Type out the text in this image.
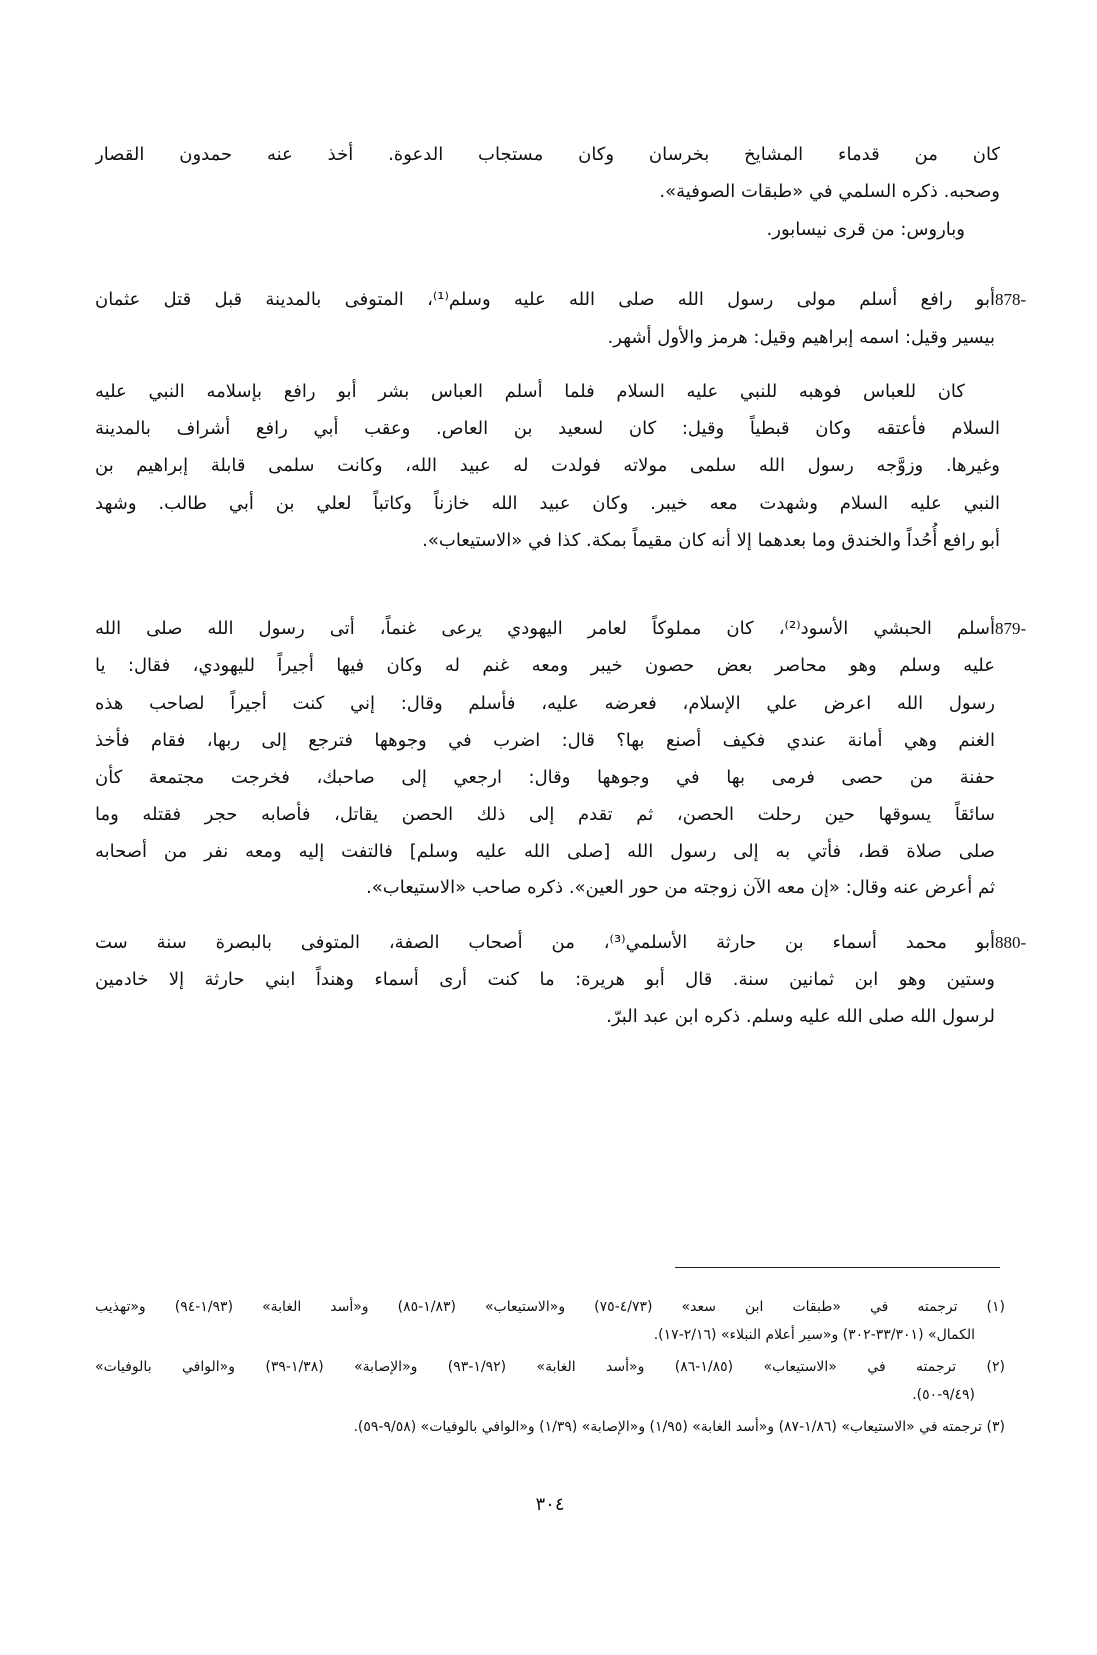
كان من قدماء المشايخ بخرسان وكان مستجاب الدعوة. أخذ عنه حمدون القصار
وصحبه. ذكره السلمي في «طبقات الصوفية».
وباروس: من قرى نيسابور.
878-
أبو رافع أسلم مولى رسول الله صلى الله عليه وسلم⁽¹⁾، المتوفى بالمدينة قبل قتل عثمان
بيسير وقيل: اسمه إبراهيم وقيل: هرمز والأول أشهر.
كان للعباس فوهبه للنبي عليه السلام فلما أسلم العباس بشر أبو رافع بإسلامه النبي عليه
السلام فأعتقه وكان قبطياً وقيل: كان لسعيد بن العاص. وعقب أبي رافع أشراف بالمدينة
وغيرها. وزوَّجه رسول الله سلمى مولاته فولدت له عبيد الله، وكانت سلمى قابلة إبراهيم بن
النبي عليه السلام وشهدت معه خيبر. وكان عبيد الله خازناً وكاتباً لعلي بن أبي طالب. وشهد
أبو رافع أُحُداً والخندق وما بعدهما إلا أنه كان مقيماً بمكة. كذا في «الاستيعاب».
879-
أسلم الحبشي الأسود⁽²⁾، كان مملوكاً لعامر اليهودي يرعى غنماً، أتى رسول الله صلى الله
عليه وسلم وهو محاصر بعض حصون خيبر ومعه غنم له وكان فيها أجيراً لليهودي، فقال: يا
رسول الله اعرض علي الإسلام، فعرضه عليه، فأسلم وقال: إني كنت أجيراً لصاحب هذه
الغنم وهي أمانة عندي فكيف أصنع بها؟ قال: اضرب في وجوهها فترجع إلى ربها، فقام فأخذ
حفنة من حصى فرمى بها في وجوهها وقال: ارجعي إلى صاحبك، فخرجت مجتمعة كأن
سائقاً يسوقها حين رحلت الحصن، ثم تقدم إلى ذلك الحصن يقاتل، فأصابه حجر فقتله وما
صلى صلاة قط، فأتي به إلى رسول الله [صلى الله عليه وسلم] فالتفت إليه ومعه نفر من أصحابه
ثم أعرض عنه وقال: «إن معه الآن زوجته من حور العين». ذكره صاحب «الاستيعاب».
880-
أبو محمد أسماء بن حارثة الأسلمي⁽³⁾، من أصحاب الصفة، المتوفى بالبصرة سنة ست
وستين وهو ابن ثمانين سنة. قال أبو هريرة: ما كنت أرى أسماء وهنداً ابني حارثة إلا خادمين
لرسول الله صلى الله عليه وسلم. ذكره ابن عبد البرّ.
(١) ترجمته في «طبقات ابن سعد» (٤/٧٣-٧٥) و«الاستيعاب» (١/٨٣-٨٥) و«أسد الغابة» (١/٩٣-٩٤) و«تهذيب
الكمال» (٣٣/٣٠١-٣٠٢) و«سير أعلام النبلاء» (٢/١٦-١٧).
(٢) ترجمته في «الاستيعاب» (١/٨٥-٨٦) و«أسد الغابة» (١/٩٢-٩٣) و«الإصابة» (١/٣٨-٣٩) و«الوافي بالوفيات»
(٩/٤٩-٥٠).
(٣) ترجمته في «الاستيعاب» (١/٨٦-٨٧) و«أسد الغابة» (١/٩٥) و«الإصابة» (١/٣٩) و«الوافي بالوفيات» (٩/٥٨-٥٩).
٣٠٤
